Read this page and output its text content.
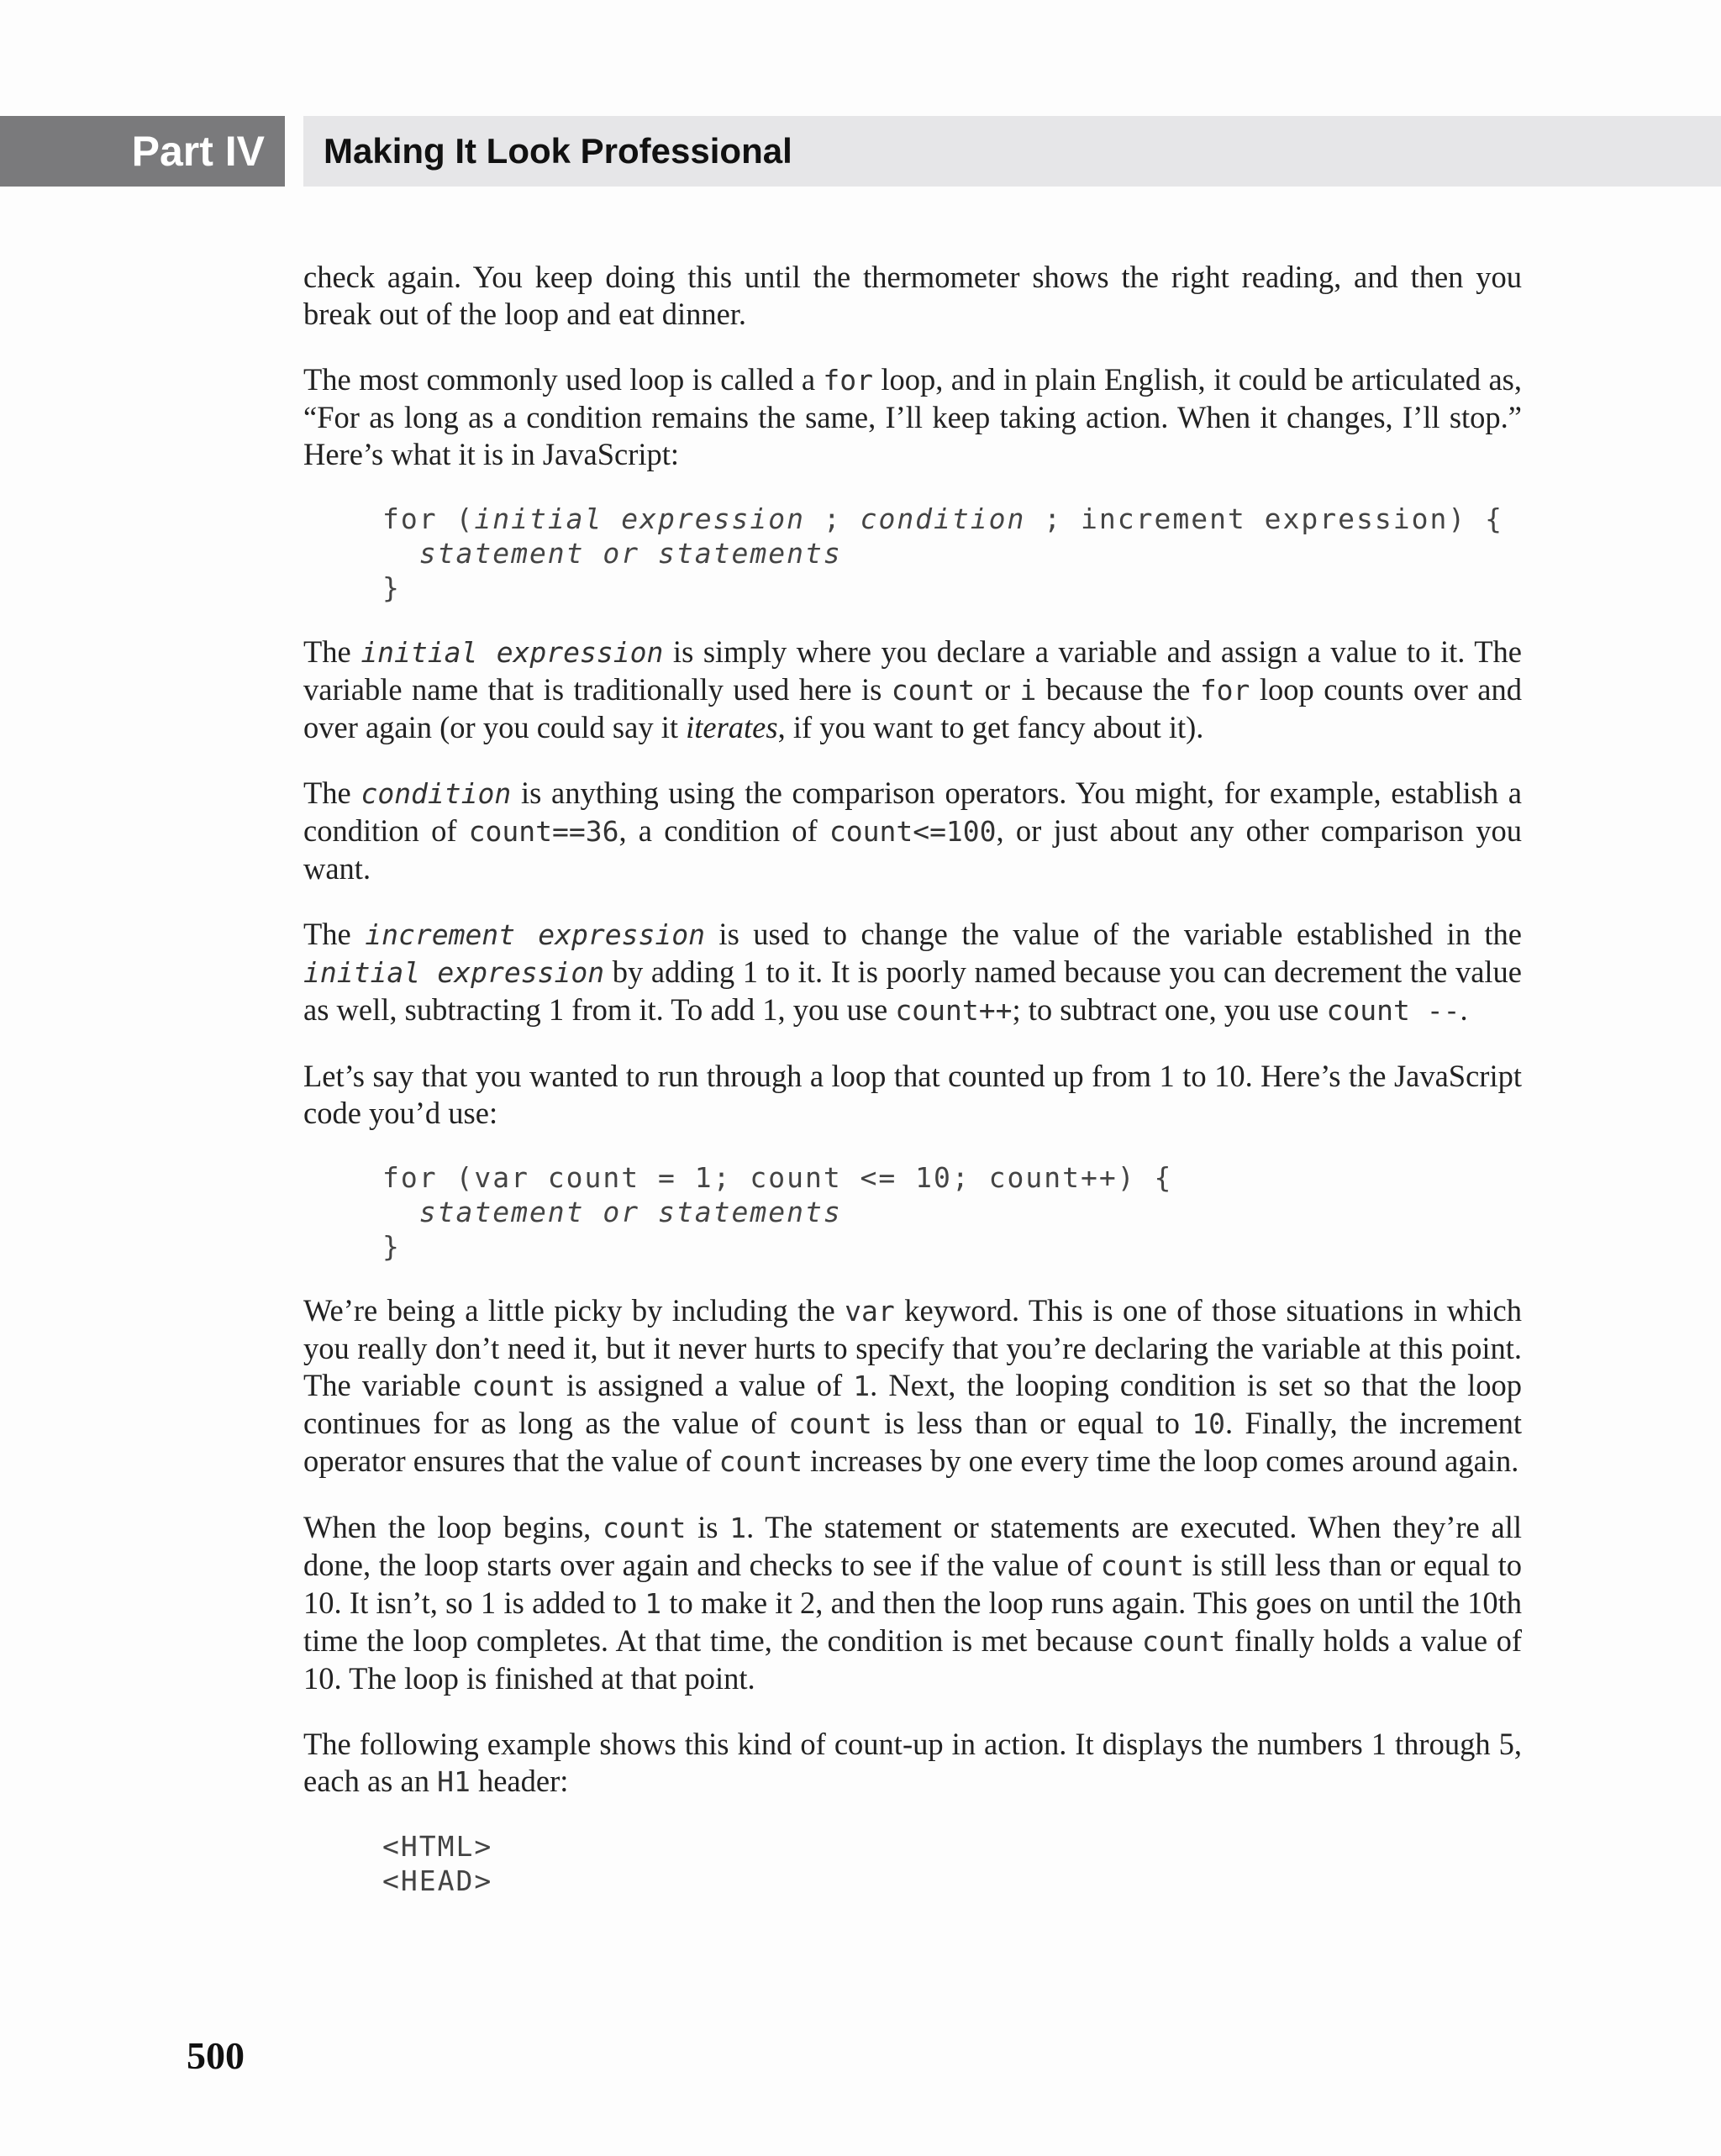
Part IV Making It Look Professional

check again. You keep doing this until the thermometer shows the right reading, and then you break out of the loop and eat dinner.

The most commonly used loop is called a for loop, and in plain English, it could be articulated as, “For as long as a condition remains the same, I’ll keep taking action. When it changes, I’ll stop.” Here’s what it is in JavaScript:

for (initial expression ; condition ; increment expression) {
statement or statements
}

The initial expression is simply where you declare a variable and assign a value to it. The variable name that is traditionally used here is count or i because the for loop counts over and over again (or you could say it iterates, if you want to get fancy about it).

The condition is anything using the comparison operators. You might, for example, establish a condition of count==36, a condition of count<=100, or just about any other comparison you want.

The increment expression is used to change the value of the variable established in the initial expression by adding 1 to it. It is poorly named because you can decrement the value as well, subtracting 1 from it. To add 1, you use count++; to subtract one, you use count --.

Let’s say that you wanted to run through a loop that counted up from 1 to 10. Here’s the JavaScript code you’d use:

for (var count = 1; count <= 10; count++) {
statement or statements
}

We’re being a little picky by including the var keyword. This is one of those situations in which you really don’t need it, but it never hurts to specify that you’re declaring the variable at this point. The variable count is assigned a value of 1. Next, the looping condition is set so that the loop continues for as long as the value of count is less than or equal to 10. Finally, the increment operator ensures that the value of count increases by one every time the loop comes around again.

When the loop begins, count is 1. The statement or statements are executed. When they’re all done, the loop starts over again and checks to see if the value of count is still less than or equal to 10. It isn’t, so 1 is added to 1 to make it 2, and then the loop runs again. This goes on until the 10th time the loop completes. At that time, the condition is met because count finally holds a value of 10. The loop is finished at that point.

The following example shows this kind of count-up in action. It displays the numbers 1 through 5, each as an H1 header:

<HTML>
<HEAD>
500
